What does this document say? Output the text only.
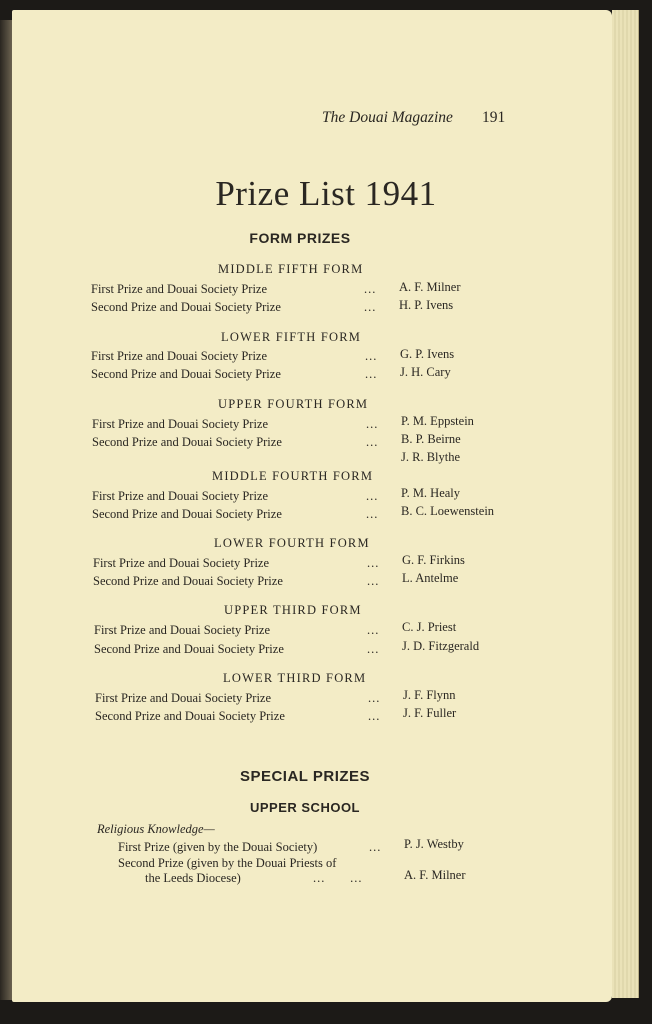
The Douai Magazine 191
Prize List 1941
FORM PRIZES
MIDDLE FIFTH FORM
First Prize and Douai Society Prize	... A. F. Milner
Second Prize and Douai Society Prize	... H. P. Ivens
LOWER FIFTH FORM
First Prize and Douai Society Prize	... G. P. Ivens
Second Prize and Douai Society Prize	... J. H. Cary
UPPER FOURTH FORM
First Prize and Douai Society Prize	... P. M. Eppstein
Second Prize and Douai Society Prize	... B. P. Beirne
J. R. Blythe
MIDDLE FOURTH FORM
First Prize and Douai Society Prize	... P. M. Healy
Second Prize and Douai Society Prize	... B. C. Loewenstein
LOWER FOURTH FORM
First Prize and Douai Society Prize	... G. F. Firkins
Second Prize and Douai Society Prize	... L. Antelme
UPPER THIRD FORM
First Prize and Douai Society Prize	... C. J. Priest
Second Prize and Douai Society Prize	... J. D. Fitzgerald
LOWER THIRD FORM
First Prize and Douai Society Prize	... J. F. Flynn
Second Prize and Douai Society Prize	... J. F. Fuller
SPECIAL PRIZES
UPPER SCHOOL
Religious Knowledge—
First Prize (given by the Douai Society)	... P. J. Westby
Second Prize (given by the Douai Priests of
the Leeds Diocese)	...      ...	A. F. Milner
